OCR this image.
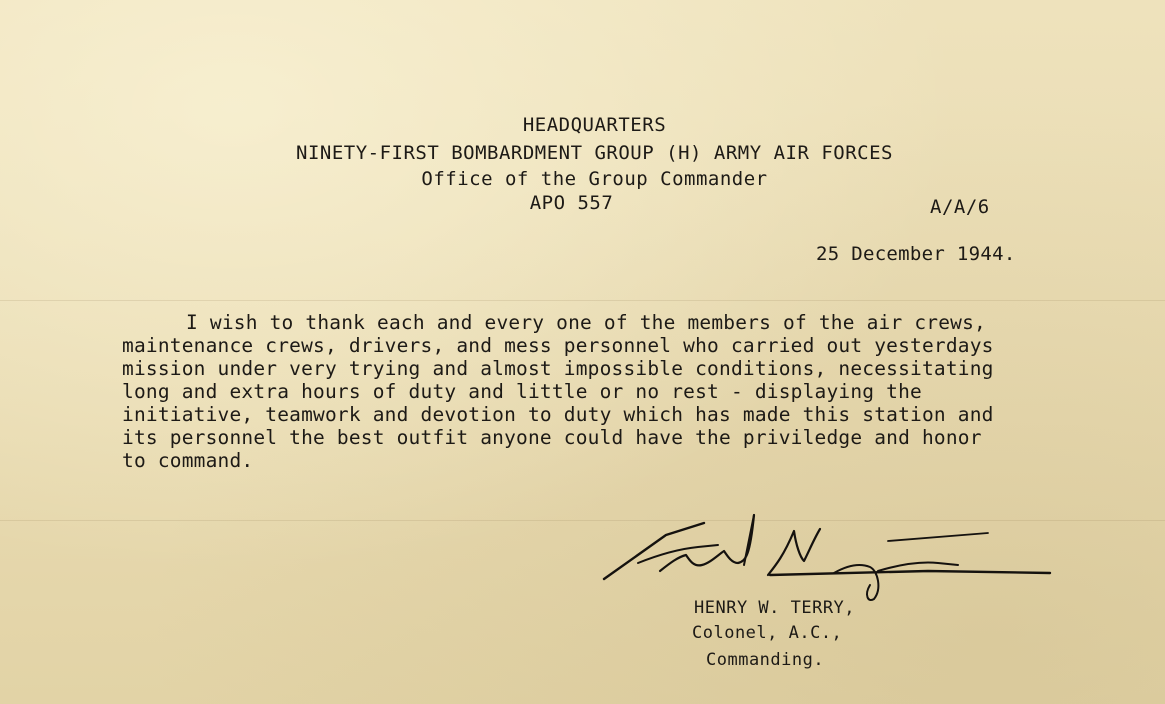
HEADQUARTERS
NINETY-FIRST BOMBARDMENT GROUP (H) ARMY AIR FORCES
Office of the Group Commander
APO 557	A/A/6
25 December 1944.
I wish to thank each and every one of the members of the air crews,
maintenance crews, drivers, and mess personnel who carried out yesterdays
mission under very trying and almost impossible conditions, necessitating
long and extra hours of duty and little or no rest - displaying the
initiative, teamwork and devotion to duty which has made this station and
its personnel the best outfit anyone could have the priviledge and honor
to command.
HENRY W. TERRY,
Colonel, A.C.,
Commanding.
